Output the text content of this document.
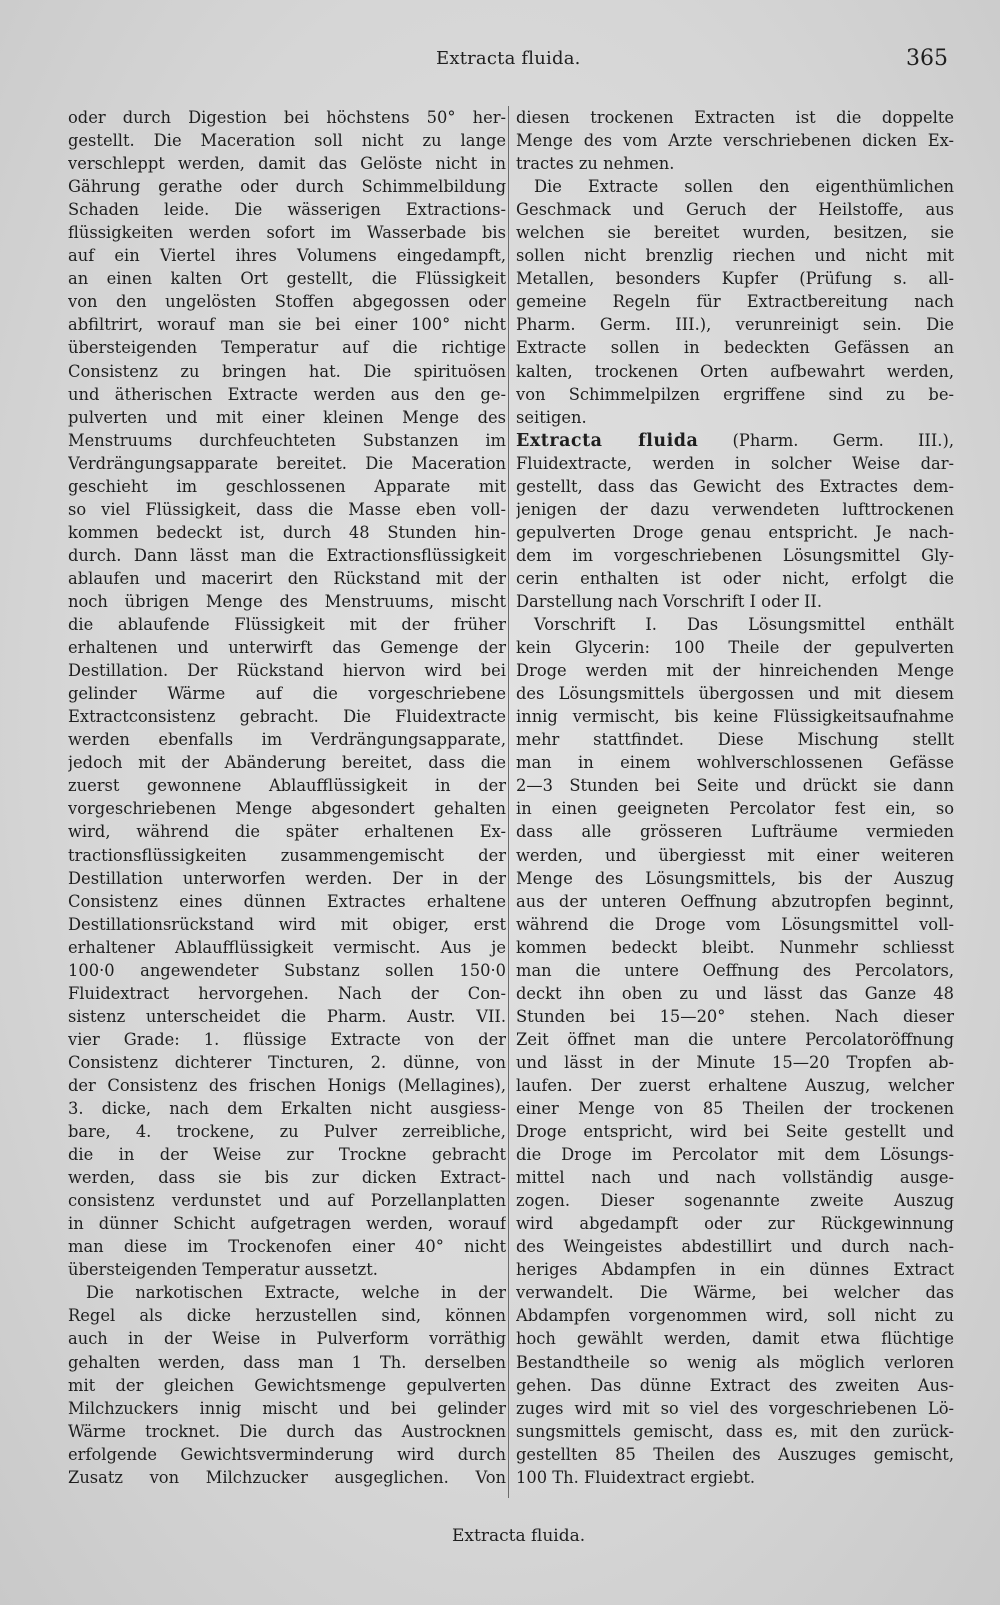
Extracta fluida.	365
oder durch Digestion bei höchstens 50° her-
gestellt. Die Maceration soll nicht zu lange
verschleppt werden, damit das Gelöste nicht in
Gährung gerathe oder durch Schimmelbildung
Schaden leide. Die wässerigen Extractions-
flüssigkeiten werden sofort im Wasserbade bis
auf ein Viertel ihres Volumens eingedampft,
an einen kalten Ort gestellt, die Flüssigkeit
von den ungelösten Stoffen abgegossen oder
abfiltrirt, worauf man sie bei einer 100° nicht
übersteigenden Temperatur auf die richtige
Consistenz zu bringen hat. Die spirituösen
und ätherischen Extracte werden aus den ge-
pulverten und mit einer kleinen Menge des
Menstruums durchfeuchteten Substanzen im
Verdrängungsapparate bereitet. Die Maceration
geschieht im geschlossenen Apparate mit
so viel Flüssigkeit, dass die Masse eben voll-
kommen bedeckt ist, durch 48 Stunden hin-
durch. Dann lässt man die Extractionsflüssigkeit
ablaufen und macerirt den Rückstand mit der
noch übrigen Menge des Menstruums, mischt
die ablaufende Flüssigkeit mit der früher
erhaltenen und unterwirft das Gemenge der
Destillation. Der Rückstand hiervon wird bei
gelinder Wärme auf die vorgeschriebene
Extractconsistenz gebracht. Die Fluidextracte
werden ebenfalls im Verdrängungsapparate,
jedoch mit der Abänderung bereitet, dass die
zuerst gewonnene Ablaufflüssigkeit in der
vorgeschriebenen Menge abgesondert gehalten
wird, während die später erhaltenen Ex-
tractionsflüssigkeiten zusammengemischt der
Destillation unterworfen werden. Der in der
Consistenz eines dünnen Extractes erhaltene
Destillationsrückstand wird mit obiger, erst
erhaltener Ablaufflüssigkeit vermischt. Aus je
100·0 angewendeter Substanz sollen 150·0
Fluidextract hervorgehen. Nach der Con-
sistenz unterscheidet die Pharm. Austr. VII.
vier Grade: 1. flüssige Extracte von der
Consistenz dichterer Tincturen, 2. dünne, von
der Consistenz des frischen Honigs (Mellagines),
3. dicke, nach dem Erkalten nicht ausgiess-
bare, 4. trockene, zu Pulver zerreibliche,
die in der Weise zur Trockne gebracht
werden, dass sie bis zur dicken Extract-
consistenz verdunstet und auf Porzellanplatten
in dünner Schicht aufgetragen werden, worauf
man diese im Trockenofen einer 40° nicht
übersteigenden Temperatur aussetzt.
Die narkotischen Extracte, welche in der
Regel als dicke herzustellen sind, können
auch in der Weise in Pulverform vorräthig
gehalten werden, dass man 1 Th. derselben
mit der gleichen Gewichtsmenge gepulverten
Milchzuckers innig mischt und bei gelinder
Wärme trocknet. Die durch das Austrocknen
erfolgende Gewichtsverminderung wird durch
Zusatz von Milchzucker ausgeglichen. Von
diesen trockenen Extracten ist die doppelte
Menge des vom Arzte verschriebenen dicken Ex-
tractes zu nehmen.
Die Extracte sollen den eigenthümlichen
Geschmack und Geruch der Heilstoffe, aus
welchen sie bereitet wurden, besitzen, sie
sollen nicht brenzlig riechen und nicht mit
Metallen, besonders Kupfer (Prüfung s. all-
gemeine Regeln für Extractbereitung nach
Pharm. Germ. III.), verunreinigt sein. Die
Extracte sollen in bedeckten Gefässen an
kalten, trockenen Orten aufbewahrt werden,
von Schimmelpilzen ergriffene sind zu be-
seitigen.
Extracta fluida (Pharm. Germ. III.),
Fluidextracte, werden in solcher Weise dar-
gestellt, dass das Gewicht des Extractes dem-
jenigen der dazu verwendeten lufttrockenen
gepulverten Droge genau entspricht. Je nach-
dem im vorgeschriebenen Lösungsmittel Gly-
cerin enthalten ist oder nicht, erfolgt die
Darstellung nach Vorschrift I oder II.
Vorschrift I. Das Lösungsmittel enthält
kein Glycerin: 100 Theile der gepulverten
Droge werden mit der hinreichenden Menge
des Lösungsmittels übergossen und mit diesem
innig vermischt, bis keine Flüssigkeitsaufnahme
mehr stattfindet. Diese Mischung stellt
man in einem wohlverschlossenen Gefässe
2—3 Stunden bei Seite und drückt sie dann
in einen geeigneten Percolator fest ein, so
dass alle grösseren Lufträume vermieden
werden, und übergiesst mit einer weiteren
Menge des Lösungsmittels, bis der Auszug
aus der unteren Oeffnung abzutropfen beginnt,
während die Droge vom Lösungsmittel voll-
kommen bedeckt bleibt. Nunmehr schliesst
man die untere Oeffnung des Percolators,
deckt ihn oben zu und lässt das Ganze 48
Stunden bei 15—20° stehen. Nach dieser
Zeit öffnet man die untere Percolatoröffnung
und lässt in der Minute 15—20 Tropfen ab-
laufen. Der zuerst erhaltene Auszug, welcher
einer Menge von 85 Theilen der trockenen
Droge entspricht, wird bei Seite gestellt und
die Droge im Percolator mit dem Lösungs-
mittel nach und nach vollständig ausge-
zogen. Dieser sogenannte zweite Auszug
wird abgedampft oder zur Rückgewinnung
des Weingeistes abdestillirt und durch nach-
heriges Abdampfen in ein dünnes Extract
verwandelt. Die Wärme, bei welcher das
Abdampfen vorgenommen wird, soll nicht zu
hoch gewählt werden, damit etwa flüchtige
Bestandtheile so wenig als möglich verloren
gehen. Das dünne Extract des zweiten Aus-
zuges wird mit so viel des vorgeschriebenen Lö-
sungsmittels gemischt, dass es, mit den zurück-
gestellten 85 Theilen des Auszuges gemischt,
100 Th. Fluidextract ergiebt.
Extracta fluida.
